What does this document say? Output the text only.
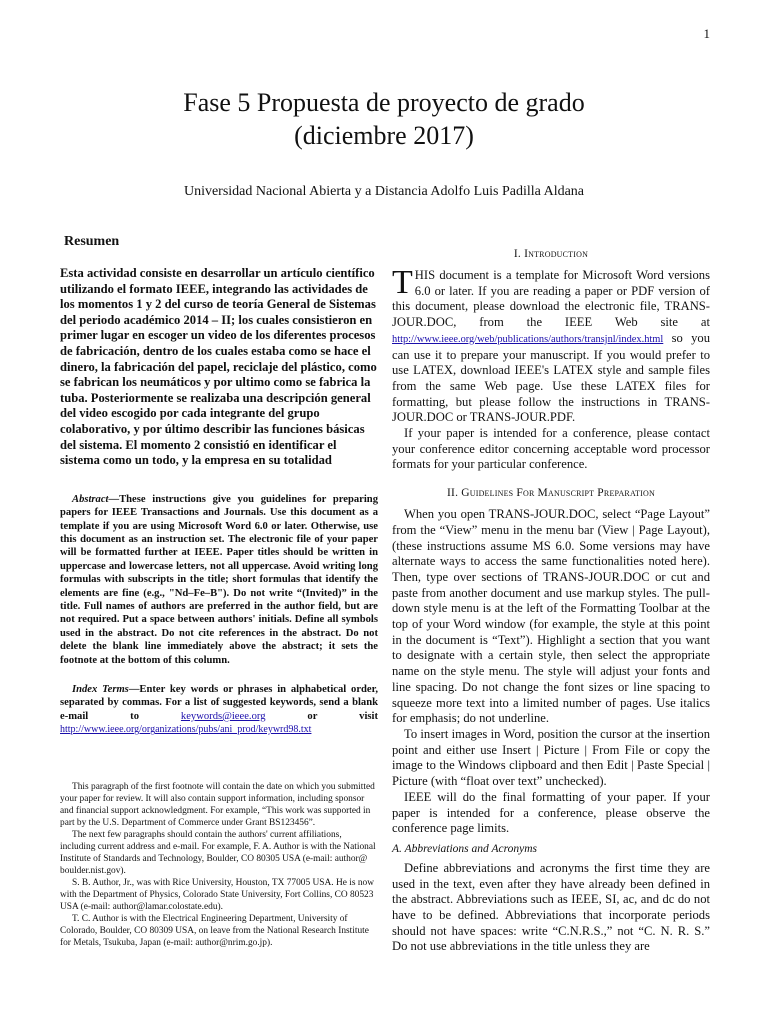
1
Fase 5 Propuesta de proyecto de grado
(diciembre 2017)
Universidad Nacional Abierta y a Distancia Adolfo Luis Padilla Aldana
Resumen

Esta actividad consiste en desarrollar un artículo científico utilizando el formato IEEE, integrando las actividades de los momentos 1 y 2 del curso de teoría General de Sistemas del periodo académico 2014 – II; los cuales consistieron en primer lugar en escoger un video de los diferentes procesos de fabricación, dentro de los cuales estaba como se hace el dinero, la fabricación del papel, reciclaje del plástico, como se fabrican los neumáticos y por ultimo como se fabrica la tuba. Posteriormente se realizaba una descripción general del video escogido por cada integrante del grupo colaborativo, y por último describir las funciones básicas del sistema. El momento 2 consistió en identificar el sistema como un todo, y la empresa en su totalidad

Abstract—These instructions give you guidelines for preparing papers for IEEE Transactions and Journals. Use this document as a template if you are using Microsoft Word 6.0 or later. Otherwise, use this document as an instruction set. The electronic file of your paper will be formatted further at IEEE. Paper titles should be written in uppercase and lowercase letters, not all uppercase. Avoid writing long formulas with subscripts in the title; short formulas that identify the elements are fine (e.g., "Nd–Fe–B"). Do not write “(Invited)” in the title. Full names of authors are preferred in the author field, but are not required. Put a space between authors' initials. Define all symbols used in the abstract. Do not cite references in the abstract. Do not delete the blank line immediately above the abstract; it sets the footnote at the bottom of this column.

Index Terms—Enter key words or phrases in alphabetical order, separated by commas. For a list of suggested keywords, send a blank e-mail to	keywords@ieee.org	or visit http://www.ieee.org/organizations/pubs/ani_prod/keywrd98.txt

This paragraph of the first footnote will contain the date on which you submitted your paper for review. It will also contain support information, including sponsor and financial support acknowledgment. For example, “This work was supported in part by the U.S. Department of Commerce under Grant BS123456”.

The next few paragraphs should contain the authors' current affiliations, including current address and e-mail. For example, F. A. Author is with the National Institute of Standards and Technology, Boulder, CO 80305 USA (e-mail: author@ boulder.nist.gov).

S. B. Author, Jr., was with Rice University, Houston, TX 77005 USA. He is now with the Department of Physics, Colorado State University, Fort Collins, CO 80523 USA (e-mail: author@lamar.colostate.edu).

T. C. Author is with the Electrical Engineering Department, University of Colorado, Boulder, CO 80309 USA, on leave from the National Research Institute for Metals, Tsukuba, Japan (e-mail: author@nrim.go.jp).

I. Introduction

THIS document is a template for Microsoft Word versions 6.0 or later. If you are reading a paper or PDF version of this document, please download the electronic file, TRANS-JOUR.DOC, from the IEEE Web site at http://www.ieee.org/web/publications/authors/transjnl/index.html so you can use it to prepare your manuscript. If you would prefer to use LATEX, download IEEE's LATEX style and sample files from the same Web page. Use these LATEX files for formatting, but please follow the instructions in TRANS-JOUR.DOC or TRANS-JOUR.PDF.

If your paper is intended for a conference, please contact your conference editor concerning acceptable word processor formats for your particular conference.

II. Guidelines For Manuscript Preparation

When you open TRANS-JOUR.DOC, select “Page Layout” from the “View” menu in the menu bar (View | Page Layout), (these instructions assume MS 6.0. Some versions may have alternate ways to access the same functionalities noted here). Then, type over sections of TRANS-JOUR.DOC or cut and paste from another document and use markup styles. The pull-down style menu is at the left of the Formatting Toolbar at the top of your Word window (for example, the style at this point in the document is “Text”). Highlight a section that you want to designate with a certain style, then select the appropriate name on the style menu. The style will adjust your fonts and line spacing. Do not change the font sizes or line spacing to squeeze more text into a limited number of pages. Use italics for emphasis; do not underline.

To insert images in Word, position the cursor at the insertion point and either use Insert | Picture | From File or copy the image to the Windows clipboard and then Edit | Paste Special | Picture (with “float over text” unchecked).

IEEE will do the final formatting of your paper. If your paper is intended for a conference, please observe the conference page limits.

A. Abbreviations and Acronyms

Define abbreviations and acronyms the first time they are used in the text, even after they have already been defined in the abstract. Abbreviations such as IEEE, SI, ac, and dc do not have to be defined. Abbreviations that incorporate periods should not have spaces: write “C.N.R.S.,” not “C. N. R. S.” Do not use abbreviations in the title unless they are
